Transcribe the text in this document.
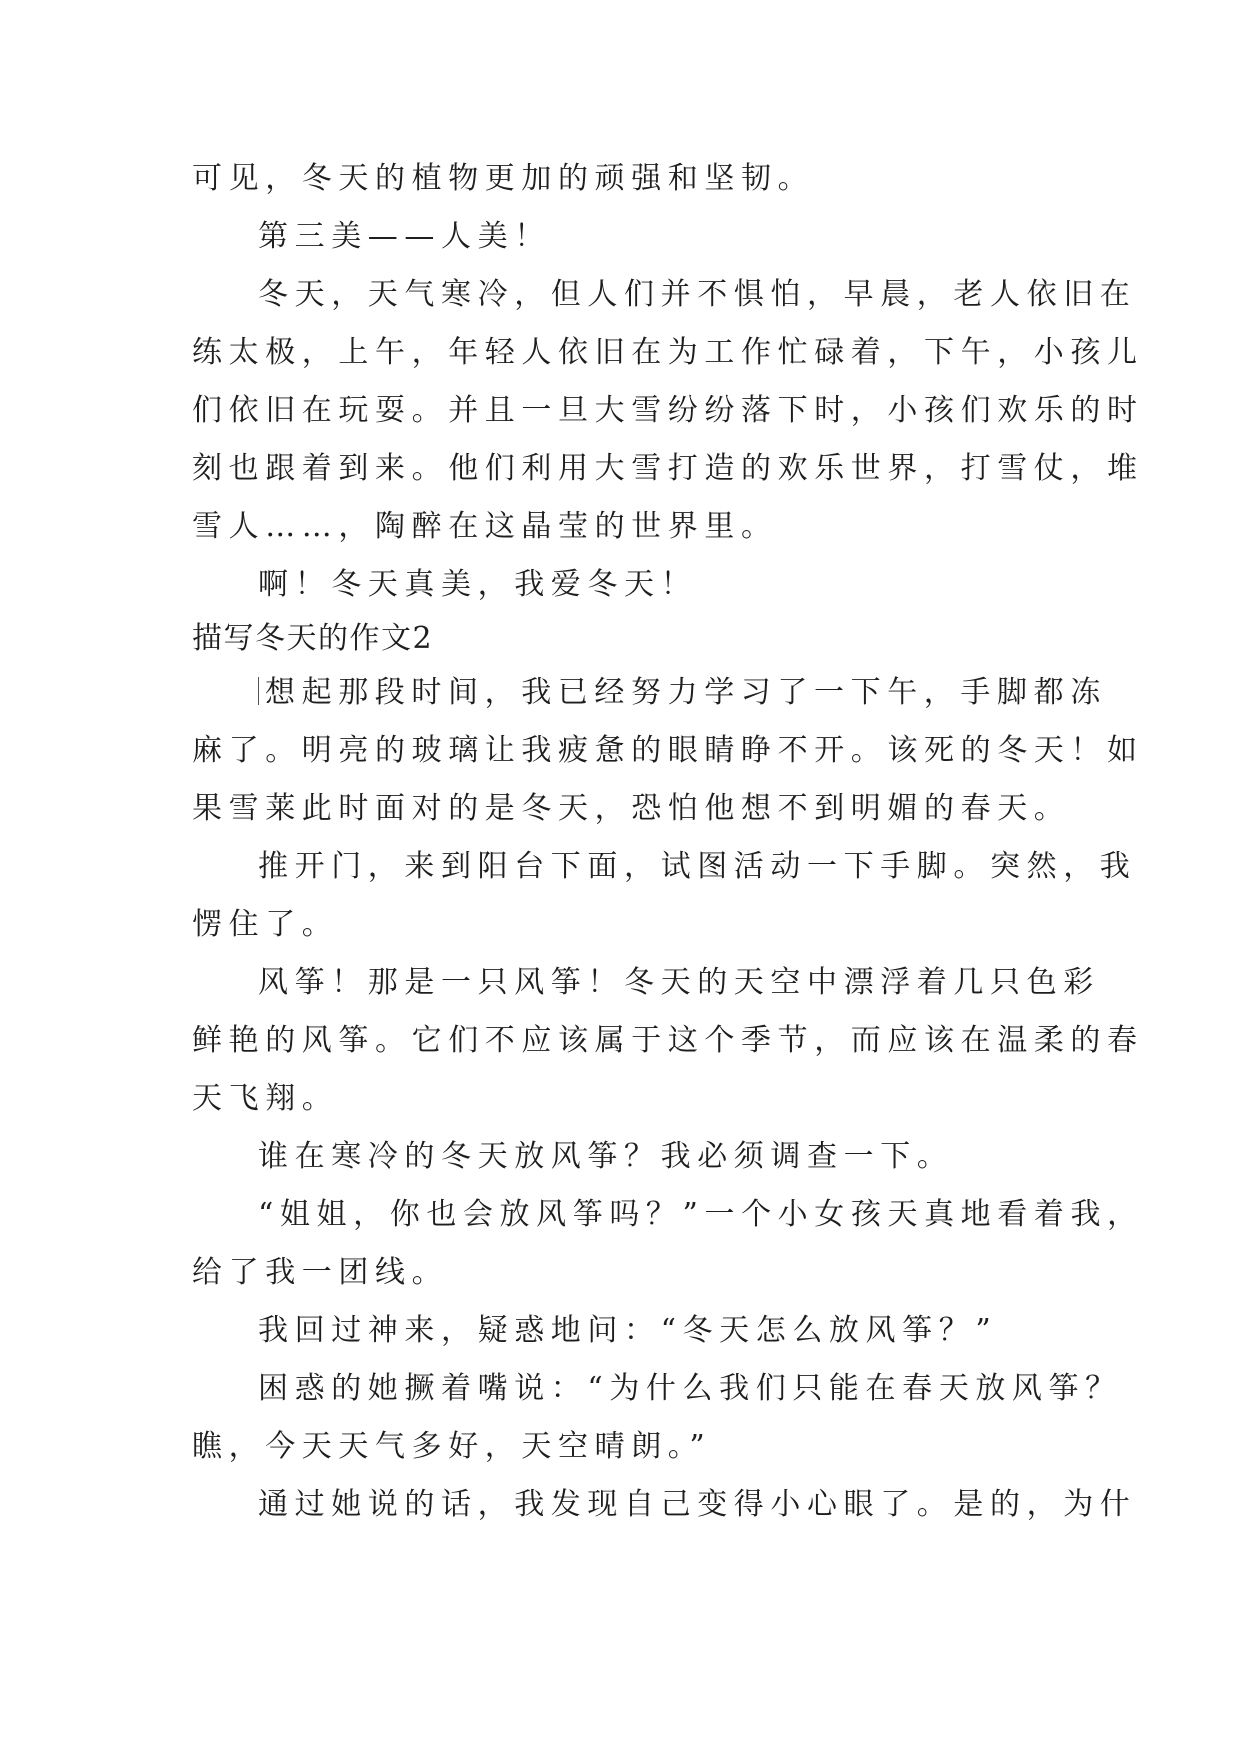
可见，冬天的植物更加的顽强和坚韧。
第三美——人美！
冬天，天气寒冷，但人们并不惧怕，早晨，老人依旧在
练太极，上午，年轻人依旧在为工作忙碌着，下午，小孩儿
们依旧在玩耍。并且一旦大雪纷纷落下时，小孩们欢乐的时
刻也跟着到来。他们利用大雪打造的欢乐世界，打雪仗，堆
雪人……，陶醉在这晶莹的世界里。
啊！冬天真美，我爱冬天！
描写冬天的作文2
想起那段时间，我已经努力学习了一下午，手脚都冻
麻了。明亮的玻璃让我疲惫的眼睛睁不开。该死的冬天！如
果雪莱此时面对的是冬天，恐怕他想不到明媚的春天。
推开门，来到阳台下面，试图活动一下手脚。突然，我
愣住了。
风筝！那是一只风筝！冬天的天空中漂浮着几只色彩
鲜艳的风筝。它们不应该属于这个季节，而应该在温柔的春
天飞翔。
谁在寒冷的冬天放风筝？我必须调查一下。
“姐姐，你也会放风筝吗？”一个小女孩天真地看着我，
给了我一团线。
我回过神来，疑惑地问：“冬天怎么放风筝？”
困惑的她撅着嘴说：“为什么我们只能在春天放风筝？
瞧，今天天气多好，天空晴朗。”
通过她说的话，我发现自己变得小心眼了。是的，为什
